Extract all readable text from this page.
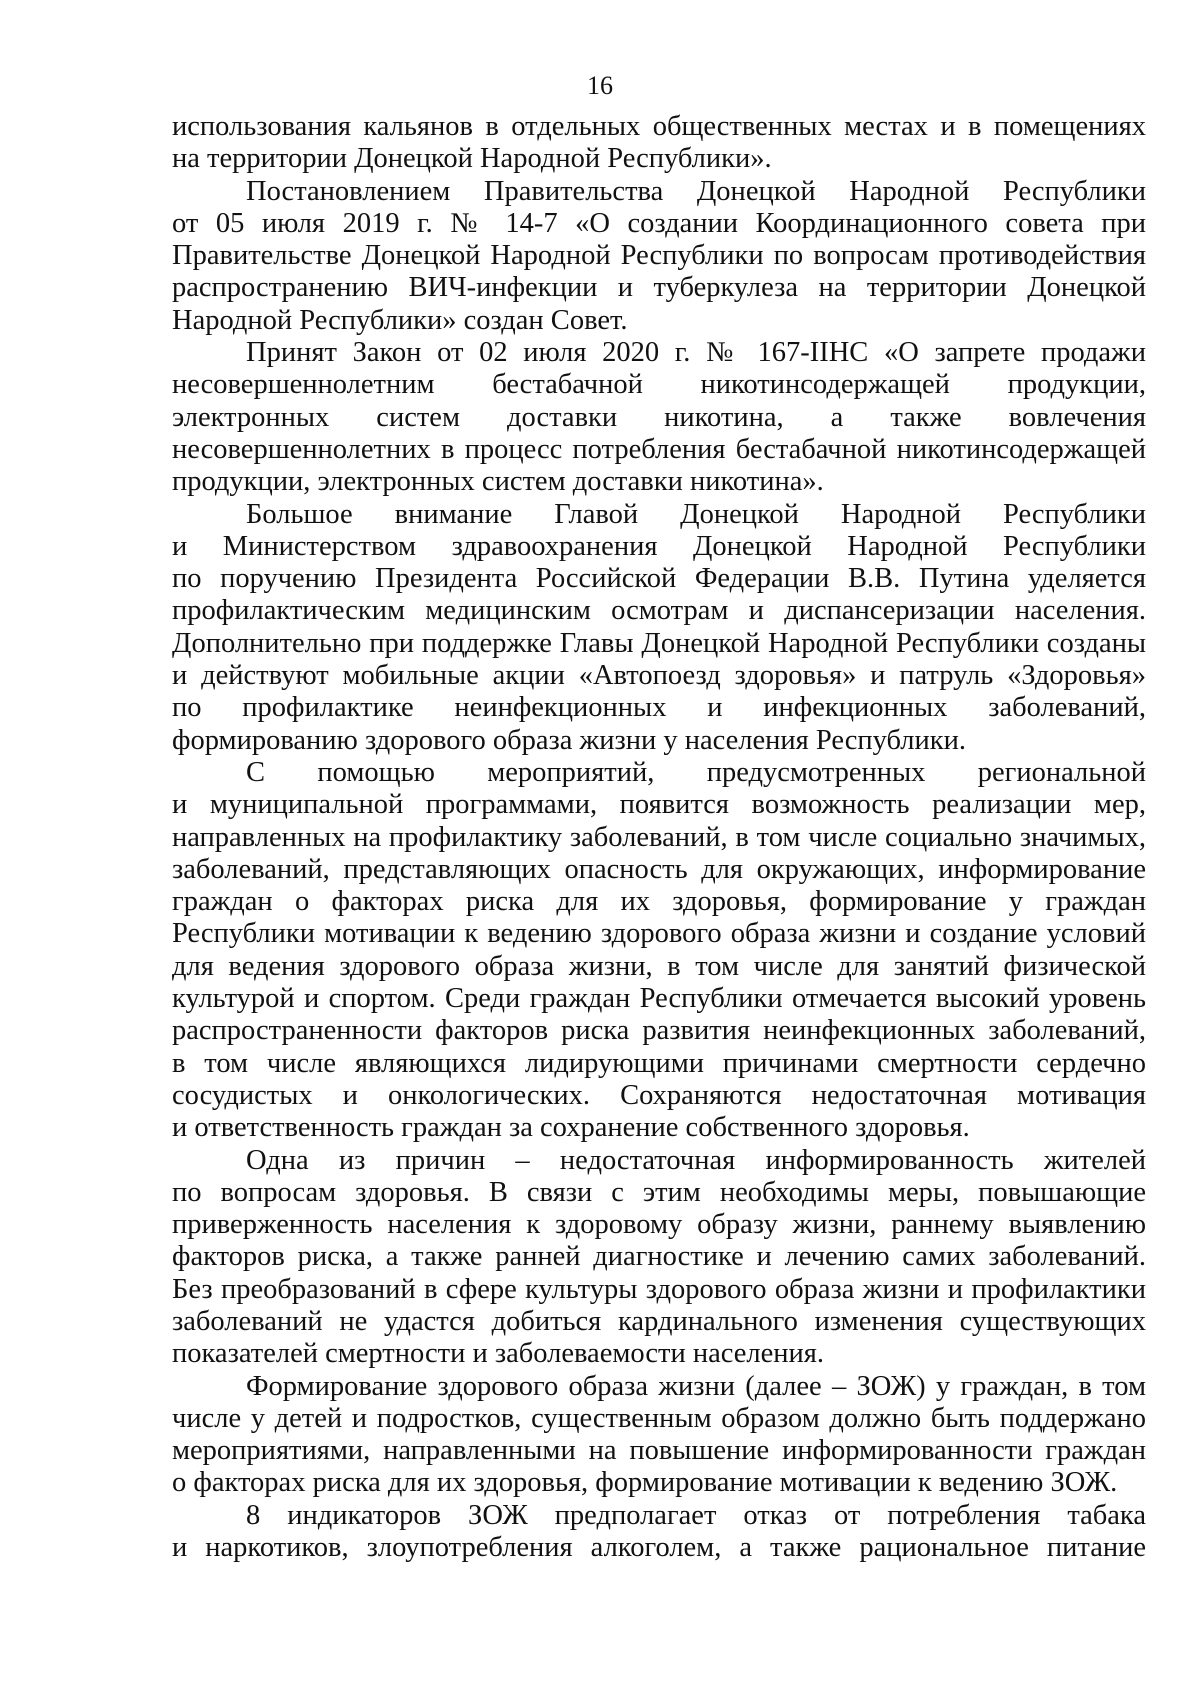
16

использования кальянов в отдельных общественных местах и в помещениях
на территории Донецкой Народной Республики».

Постановлением Правительства Донецкой Народной Республики
от 05 июля 2019 г. № 14-7 «О создании Координационного совета при
Правительстве Донецкой Народной Республики по вопросам противодействия
распространению ВИЧ-инфекции и туберкулеза на территории Донецкой
Народной Республики» создан Совет.

Принят Закон от 02 июля 2020 г. № 167-IIНС «О запрете продажи
несовершеннолетним бестабачной никотинсодержащей продукции,
электронных систем доставки никотина, а также вовлечения
несовершеннолетних в процесс потребления бестабачной никотинсодержащей
продукции, электронных систем доставки никотина».

Большое внимание Главой Донецкой Народной Республики
и Министерством здравоохранения Донецкой Народной Республики
по поручению Президента Российской Федерации В.В. Путина уделяется
профилактическим медицинским осмотрам и диспансеризации населения.
Дополнительно при поддержке Главы Донецкой Народной Республики созданы
и действуют мобильные акции «Автопоезд здоровья» и патруль «Здоровья»
по профилактике неинфекционных и инфекционных заболеваний,
формированию здорового образа жизни у населения Республики.

С помощью мероприятий, предусмотренных региональной
и муниципальной программами, появится возможность реализации мер,
направленных на профилактику заболеваний, в том числе социально значимых,
заболеваний, представляющих опасность для окружающих, информирование
граждан о факторах риска для их здоровья, формирование у граждан
Республики мотивации к ведению здорового образа жизни и создание условий
для ведения здорового образа жизни, в том числе для занятий физической
культурой и спортом. Среди граждан Республики отмечается высокий уровень
распространенности факторов риска развития неинфекционных заболеваний,
в том числе являющихся лидирующими причинами смертности сердечно
сосудистых и онкологических. Сохраняются недостаточная мотивация
и ответственность граждан за сохранение собственного здоровья.

Одна из причин – недостаточная информированность жителей
по вопросам здоровья. В связи с этим необходимы меры, повышающие
приверженность населения к здоровому образу жизни, раннему выявлению
факторов риска, а также ранней диагностике и лечению самих заболеваний.
Без преобразований в сфере культуры здорового образа жизни и профилактики
заболеваний не удастся добиться кардинального изменения существующих
показателей смертности и заболеваемости населения.

Формирование здорового образа жизни (далее – ЗОЖ) у граждан, в том
числе у детей и подростков, существенным образом должно быть поддержано
мероприятиями, направленными на повышение информированности граждан
о факторах риска для их здоровья, формирование мотивации к ведению ЗОЖ.

8 индикаторов ЗОЖ предполагает отказ от потребления табака
и наркотиков, злоупотребления алкоголем, а также рациональное питание
